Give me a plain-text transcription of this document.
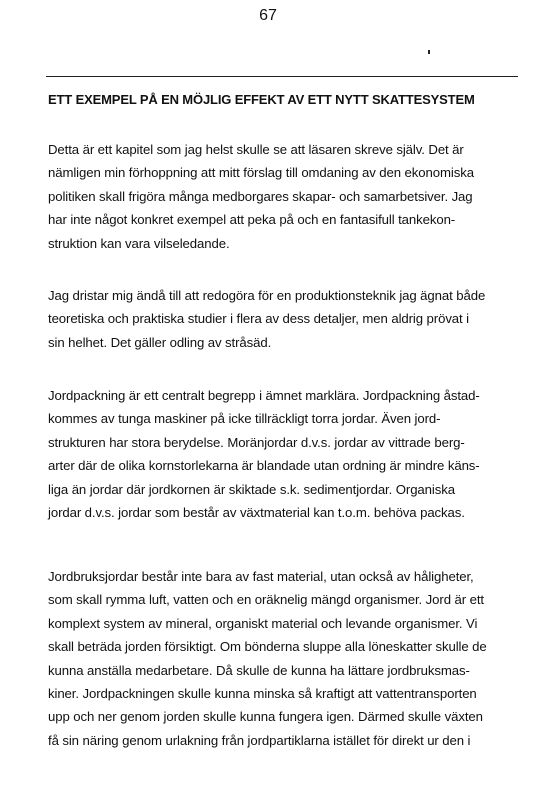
67
ETT EXEMPEL PÅ EN MÖJLIG EFFEKT AV ETT NYTT SKATTESYSTEM
Detta är ett kapitel som jag helst skulle se att läsaren skreve själv. Det är
nämligen min förhoppning att mitt förslag till omdaning av den ekonomiska
politiken skall frigöra många medborgares skapar- och samarbetsiver. Jag
har inte något konkret exempel att peka på och en fantasifull tankekon-
struktion kan vara vilseledande.
Jag dristar mig ändå till att redogöra för en produktionsteknik jag ägnat både
teoretiska och praktiska studier i flera av dess detaljer, men aldrig prövat i
sin helhet. Det gäller odling av stråsäd.
Jordpackning är ett centralt begrepp i ämnet marklära. Jordpackning åstad-
kommes av tunga maskiner på icke tillräckligt torra jordar. Även jord-
strukturen har stora berydelse. Moränjordar d.v.s. jordar av vittrade berg-
arter där de olika kornstorlekarna är blandade utan ordning är mindre käns-
liga än jordar där jordkornen är skiktade s.k. sedimentjordar. Organiska
jordar d.v.s. jordar som består av växtmaterial kan t.o.m. behöva packas.
Jordbruksjordar består inte bara av fast material, utan också av håligheter,
som skall rymma luft, vatten och en oräknelig mängd organismer. Jord är ett
komplext system av mineral, organiskt material och levande organismer. Vi
skall beträda jorden försiktigt. Om bönderna sluppe alla löneskatter skulle de
kunna anställa medarbetare. Då skulle de kunna ha lättare jordbruksmas-
kiner. Jordpackningen skulle kunna minska så kraftigt att vattentransporten
upp och ner genom jorden skulle kunna fungera igen. Därmed skulle växten
få sin näring genom urlakning från jordpartiklarna istället för direkt ur den i
